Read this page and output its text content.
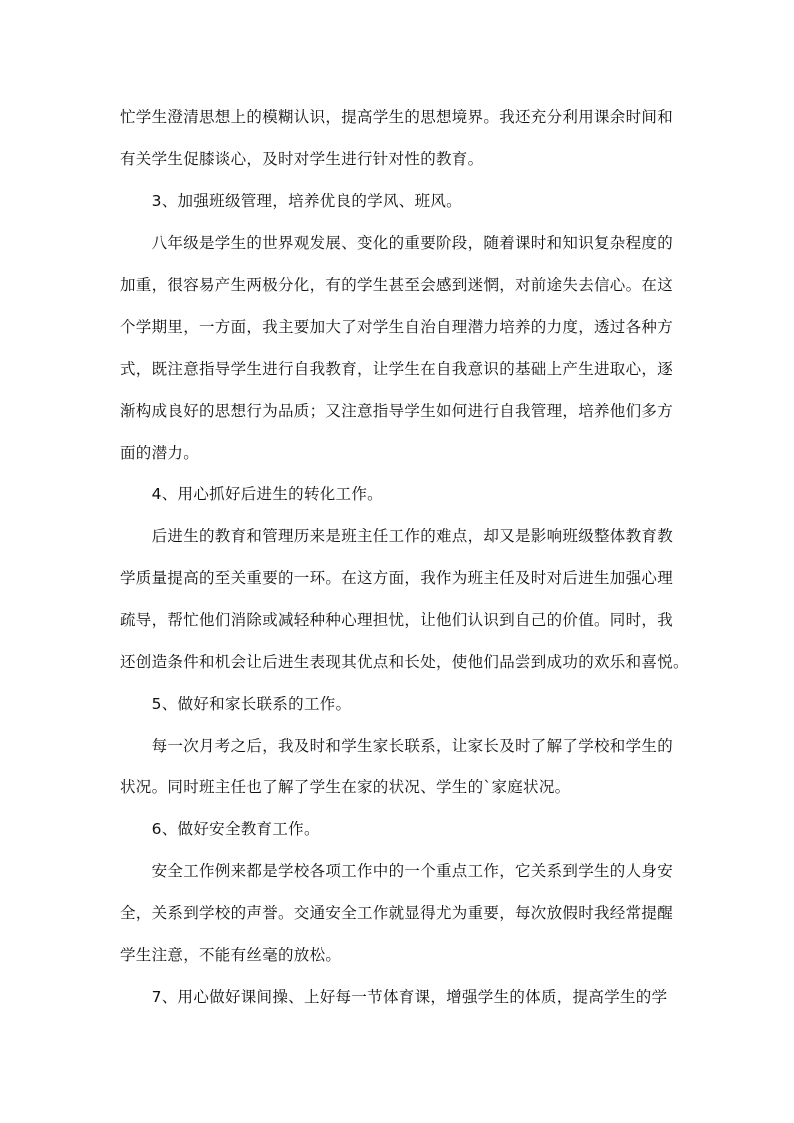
忙学生澄清思想上的模糊认识，提高学生的思想境界。我还充分利用课余时间和
有关学生促膝谈心，及时对学生进行针对性的教育。
　　3、加强班级管理，培养优良的学风、班风。
　　八年级是学生的世界观发展、变化的重要阶段，随着课时和知识复杂程度的
加重，很容易产生两极分化，有的学生甚至会感到迷惘，对前途失去信心。在这
个学期里，一方面，我主要加大了对学生自治自理潜力培养的力度，透过各种方
式，既注意指导学生进行自我教育，让学生在自我意识的基础上产生进取心，逐
渐构成良好的思想行为品质；又注意指导学生如何进行自我管理，培养他们多方
面的潜力。
　　4、用心抓好后进生的转化工作。
　　后进生的教育和管理历来是班主任工作的难点，却又是影响班级整体教育教
学质量提高的至关重要的一环。在这方面，我作为班主任及时对后进生加强心理
疏导，帮忙他们消除或减轻种种心理担忧，让他们认识到自己的价值。同时，我
还创造条件和机会让后进生表现其优点和长处，使他们品尝到成功的欢乐和喜悦。
　　5、做好和家长联系的工作。
　　每一次月考之后，我及时和学生家长联系，让家长及时了解了学校和学生的
状况。同时班主任也了解了学生在家的状况、学生的`家庭状况。
　　6、做好安全教育工作。
　　安全工作例来都是学校各项工作中的一个重点工作，它关系到学生的人身安
全，关系到学校的声誉。交通安全工作就显得尤为重要，每次放假时我经常提醒
学生注意，不能有丝毫的放松。
　　7、用心做好课间操、上好每一节体育课，增强学生的体质，提高学生的学
